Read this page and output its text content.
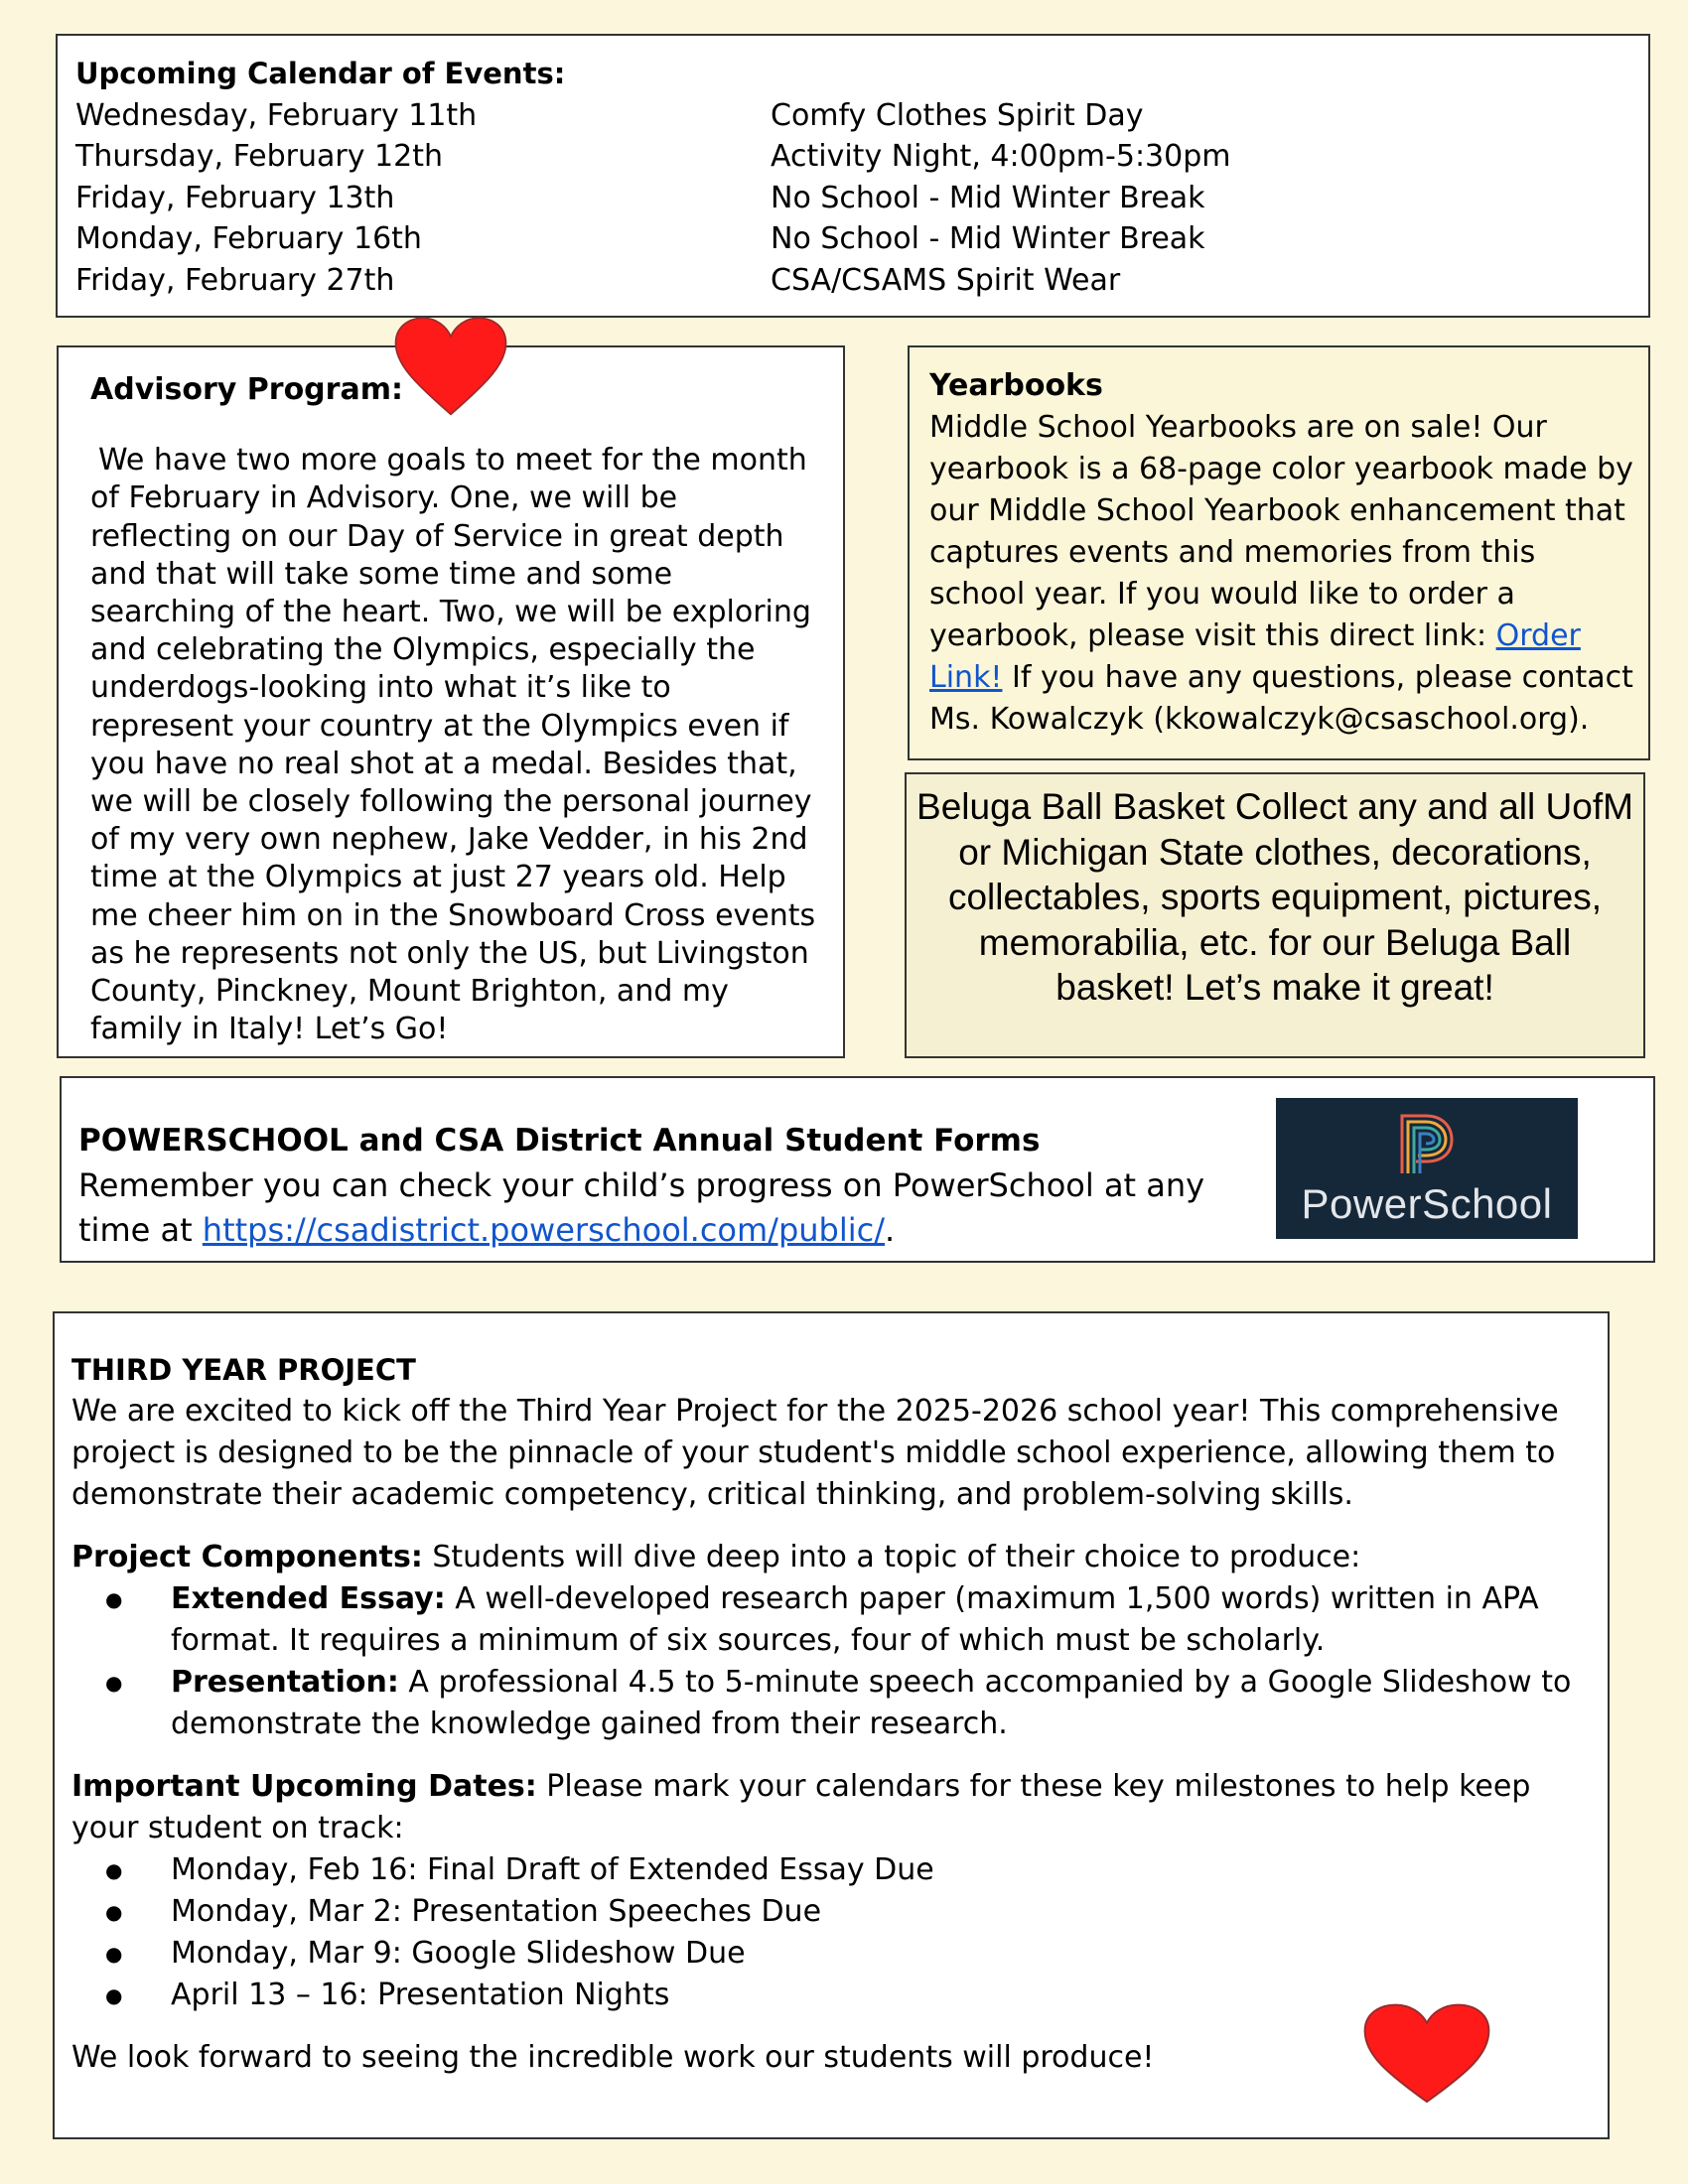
Upcoming Calendar of Events:
Wednesday, February 11th	Comfy Clothes Spirit Day
Thursday, February 12th	Activity Night, 4:00pm-5:30pm
Friday, February 13th	No School - Mid Winter Break
Monday, February 16th	No School - Mid Winter Break
Friday, February 27th	CSA/CSAMS Spirit Wear
Advisory Program:
We have two more goals to meet for the month of February in Advisory. One, we will be reflecting on our Day of Service in great depth and that will take some time and some searching of the heart. Two, we will be exploring and celebrating the Olympics, especially the underdogs-looking into what it’s like to represent your country at the Olympics even if you have no real shot at a medal. Besides that, we will be closely following the personal journey of my very own nephew, Jake Vedder, in his 2nd time at the Olympics at just 27 years old. Help me cheer him on in the Snowboard Cross events as he represents not only the US, but Livingston County, Pinckney, Mount Brighton, and my family in Italy! Let’s Go!
Yearbooks
Middle School Yearbooks are on sale! Our yearbook is a 68-page color yearbook made by our Middle School Yearbook enhancement that captures events and memories from this school year. If you would like to order a yearbook, please visit this direct link: Order Link! If you have any questions, please contact Ms. Kowalczyk (kkowalczyk@csaschool.org).
Beluga Ball Basket Collect any and all UofM or Michigan State clothes, decorations, collectables, sports equipment, pictures, memorabilia, etc. for our Beluga Ball basket! Let’s make it great!
POWERSCHOOL and CSA District Annual Student Forms
Remember you can check your child’s progress on PowerSchool at any time at https://csadistrict.powerschool.com/public/.
PowerSchool
THIRD YEAR PROJECT
We are excited to kick off the Third Year Project for the 2025-2026 school year! This comprehensive project is designed to be the pinnacle of your student's middle school experience, allowing them to demonstrate their academic competency, critical thinking, and problem-solving skills.
Project Components: Students will dive deep into a topic of their choice to produce:
● Extended Essay: A well-developed research paper (maximum 1,500 words) written in APA format. It requires a minimum of six sources, four of which must be scholarly.
● Presentation: A professional 4.5 to 5-minute speech accompanied by a Google Slideshow to demonstrate the knowledge gained from their research.
Important Upcoming Dates: Please mark your calendars for these key milestones to help keep your student on track:
● Monday, Feb 16: Final Draft of Extended Essay Due
● Monday, Mar 2: Presentation Speeches Due
● Monday, Mar 9: Google Slideshow Due
● April 13 – 16: Presentation Nights
We look forward to seeing the incredible work our students will produce!
